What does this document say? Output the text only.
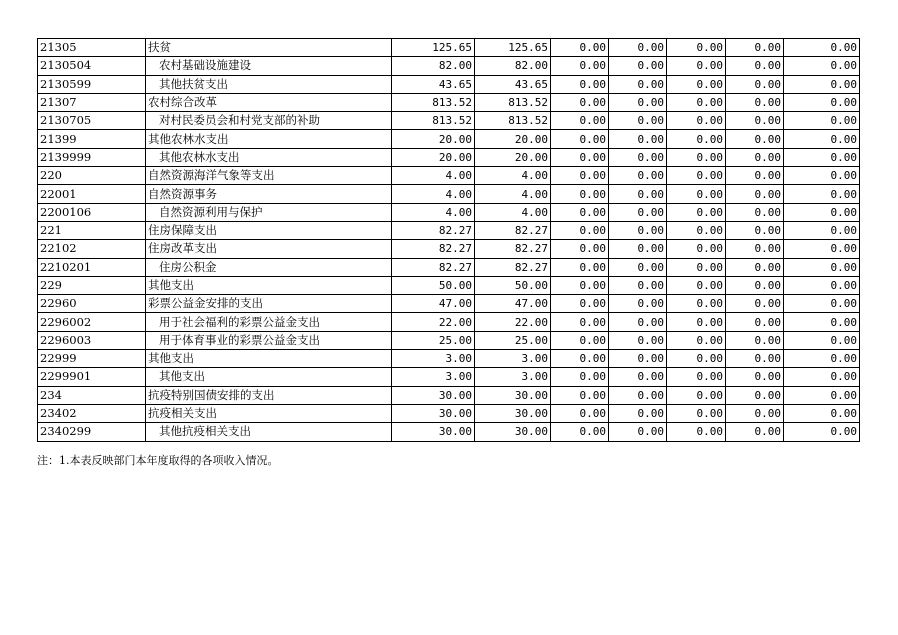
21305	扶贫	125.65	125.65	0.00	0.00	0.00	0.00	0.00
2130504	农村基础设施建设	82.00	82.00	0.00	0.00	0.00	0.00	0.00
2130599	其他扶贫支出	43.65	43.65	0.00	0.00	0.00	0.00	0.00
21307	农村综合改革	813.52	813.52	0.00	0.00	0.00	0.00	0.00
2130705	对村民委员会和村党支部的补助	813.52	813.52	0.00	0.00	0.00	0.00	0.00
21399	其他农林水支出	20.00	20.00	0.00	0.00	0.00	0.00	0.00
2139999	其他农林水支出	20.00	20.00	0.00	0.00	0.00	0.00	0.00
220	自然资源海洋气象等支出	4.00	4.00	0.00	0.00	0.00	0.00	0.00
22001	自然资源事务	4.00	4.00	0.00	0.00	0.00	0.00	0.00
2200106	自然资源利用与保护	4.00	4.00	0.00	0.00	0.00	0.00	0.00
221	住房保障支出	82.27	82.27	0.00	0.00	0.00	0.00	0.00
22102	住房改革支出	82.27	82.27	0.00	0.00	0.00	0.00	0.00
2210201	住房公积金	82.27	82.27	0.00	0.00	0.00	0.00	0.00
229	其他支出	50.00	50.00	0.00	0.00	0.00	0.00	0.00
22960	彩票公益金安排的支出	47.00	47.00	0.00	0.00	0.00	0.00	0.00
2296002	用于社会福利的彩票公益金支出	22.00	22.00	0.00	0.00	0.00	0.00	0.00
2296003	用于体育事业的彩票公益金支出	25.00	25.00	0.00	0.00	0.00	0.00	0.00
22999	其他支出	3.00	3.00	0.00	0.00	0.00	0.00	0.00
2299901	其他支出	3.00	3.00	0.00	0.00	0.00	0.00	0.00
234	抗疫特别国债安排的支出	30.00	30.00	0.00	0.00	0.00	0.00	0.00
23402	抗疫相关支出	30.00	30.00	0.00	0.00	0.00	0.00	0.00
2340299	其他抗疫相关支出	30.00	30.00	0.00	0.00	0.00	0.00	0.00
注：1.本表反映部门本年度取得的各项收入情况。
